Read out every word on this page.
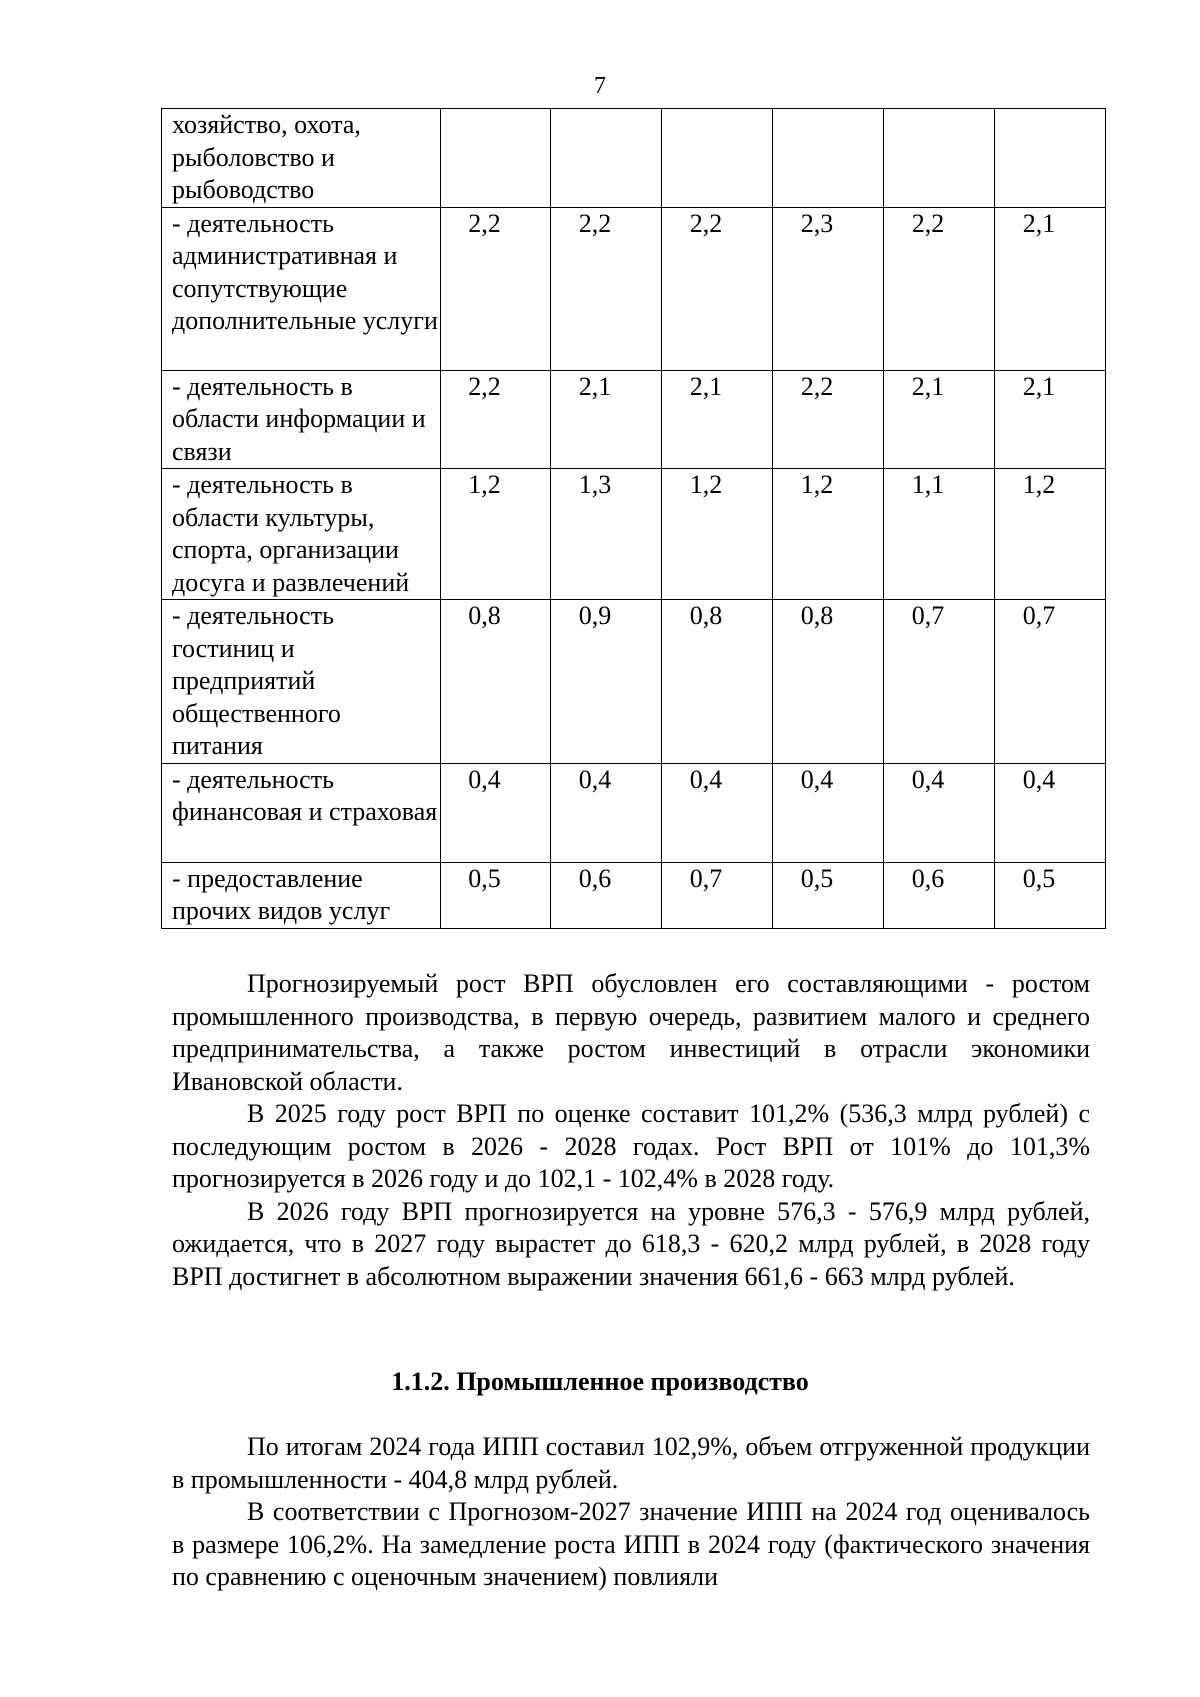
7
хозяйство, охота, рыболовство и рыбоводство						
- деятельность административная и сопутствующие дополнительные услуги	2,2	2,2	2,2	2,3	2,2	2,1
- деятельность в области информации и связи	2,2	2,1	2,1	2,2	2,1	2,1
- деятельность в области культуры, спорта, организации досуга и развлечений	1,2	1,3	1,2	1,2	1,1	1,2
- деятельность гостиниц и предприятий общественного питания	0,8	0,9	0,8	0,8	0,7	0,7
- деятельность финансовая и страховая	0,4	0,4	0,4	0,4	0,4	0,4
- предоставление прочих видов услуг	0,5	0,6	0,7	0,5	0,6	0,5

Прогнозируемый рост ВРП обусловлен его составляющими - ростом промышленного производства, в первую очередь, развитием малого и среднего предпринимательства, а также ростом инвестиций в отрасли экономики Ивановской области.

В 2025 году рост ВРП по оценке составит 101,2% (536,3 млрд рублей) с последующим ростом в 2026 - 2028 годах. Рост ВРП от 101% до 101,3% прогнозируется в 2026 году и до 102,1 - 102,4% в 2028 году.

В 2026 году ВРП прогнозируется на уровне 576,3 - 576,9 млрд рублей, ожидается, что в 2027 году вырастет до 618,3 - 620,2 млрд рублей, в 2028 году ВРП достигнет в абсолютном выражении значения 661,6 - 663 млрд рублей.

1.1.2. Промышленное производство

По итогам 2024 года ИПП составил 102,9%, объем отгруженной продукции в промышленности - 404,8 млрд рублей.

В соответствии с Прогнозом-2027 значение ИПП на 2024 год оценивалось в размере 106,2%. На замедление роста ИПП в 2024 году (фактического значения по сравнению с оценочным значением) повлияли
